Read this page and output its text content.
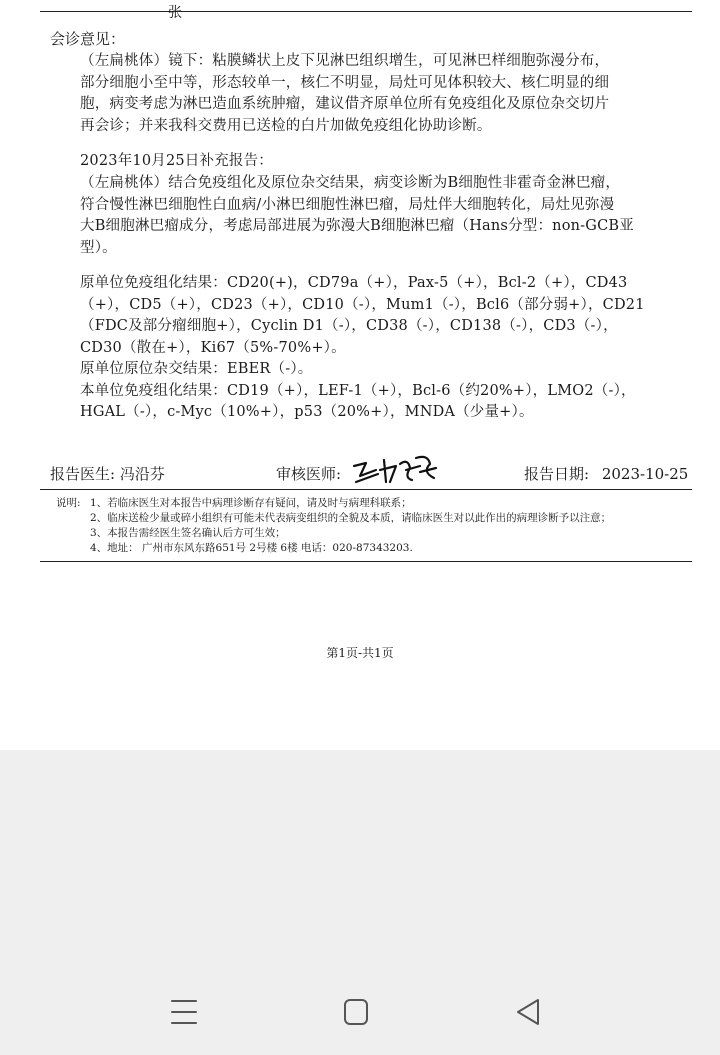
张
会诊意见：
（左扁桃体）镜下：粘膜鳞状上皮下见淋巴组织增生，可见淋巴样细胞弥漫分布，
部分细胞小至中等，形态较单一，核仁不明显，局灶可见体积较大、核仁明显的细
胞，病变考虑为淋巴造血系统肿瘤，建议借齐原单位所有免疫组化及原位杂交切片
再会诊；并来我科交费用已送检的白片加做免疫组化协助诊断。
2023年10月25日补充报告：
（左扁桃体）结合免疫组化及原位杂交结果，病变诊断为B细胞性非霍奇金淋巴瘤，
符合慢性淋巴细胞性白血病/小淋巴细胞性淋巴瘤，局灶伴大细胞转化，局灶见弥漫
大B细胞淋巴瘤成分，考虑局部进展为弥漫大B细胞淋巴瘤（Hans分型：non-GCB亚
型）。
原单位免疫组化结果：CD20(+)，CD79a（+），Pax-5（+），Bcl-2（+），CD43
（+），CD5（+），CD23（+），CD10（-），Mum1（-），Bcl6（部分弱+），CD21
（FDC及部分瘤细胞+），Cyclin D1（-），CD38（-），CD138（-），CD3（-），
CD30（散在+），Ki67（5%-70%+）。
原单位原位杂交结果：EBER（-）。
本单位免疫组化结果：CD19（+），LEF-1（+），Bcl-6（约20%+），LMO2（-），
HGAL（-），c-Myc（10%+），p53（20%+），MNDA（少量+）。
报告医生: 冯沿芬	审核医师:	报告日期: 2023-10-25
说明: 1、若临床医生对本报告中病理诊断存有疑问，请及时与病理科联系；
2、临床送检少量或碎小组织有可能未代表病变组织的全貌及本质，请临床医生对以此作出的病理诊断予以注意；
3、本报告需经医生签名确认后方可生效；
4、地址： 广州市东风东路651号 2号楼 6楼 电话：020-87343203.
第1页-共1页
